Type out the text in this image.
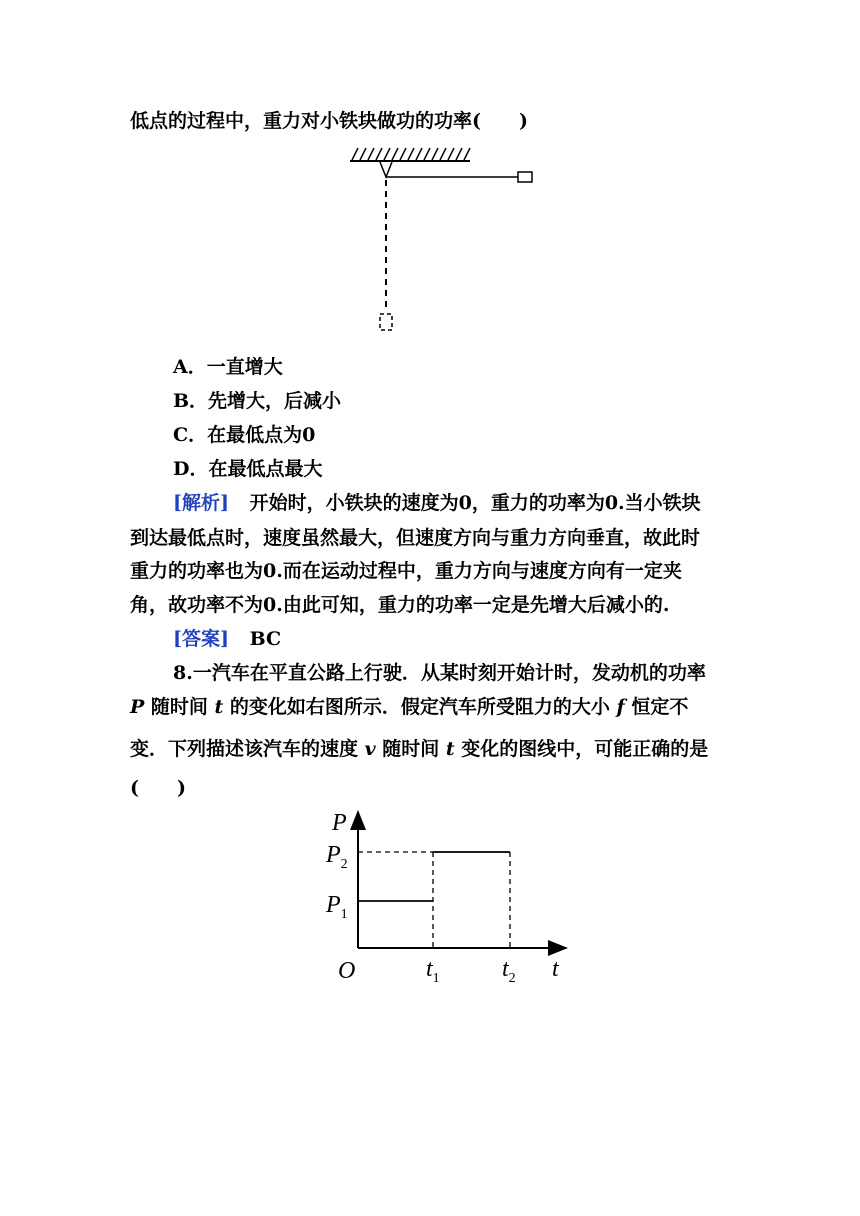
低点的过程中，重力对小铁块做功的功率(　　)
A．一直增大
B．先增大，后减小
C．在最低点为0
D．在最低点最大
[解析] 开始时，小铁块的速度为0，重力的功率为0.当小铁块
到达最低点时，速度虽然最大，但速度方向与重力方向垂直，故此时
重力的功率也为0.而在运动过程中，重力方向与速度方向有一定夹
角，故功率不为0.由此可知，重力的功率一定是先增大后减小的.
[答案] BC
8.一汽车在平直公路上行驶．从某时刻开始计时，发动机的功率
P 随时间 t 的变化如右图所示．假定汽车所受阻力的大小 f 恒定不
变．下列描述该汽车的速度 v 随时间 t 变化的图线中，可能正确的是
(　　)
P
$P_2$
$P_1$
O	$t_1$	$t_2$ t
